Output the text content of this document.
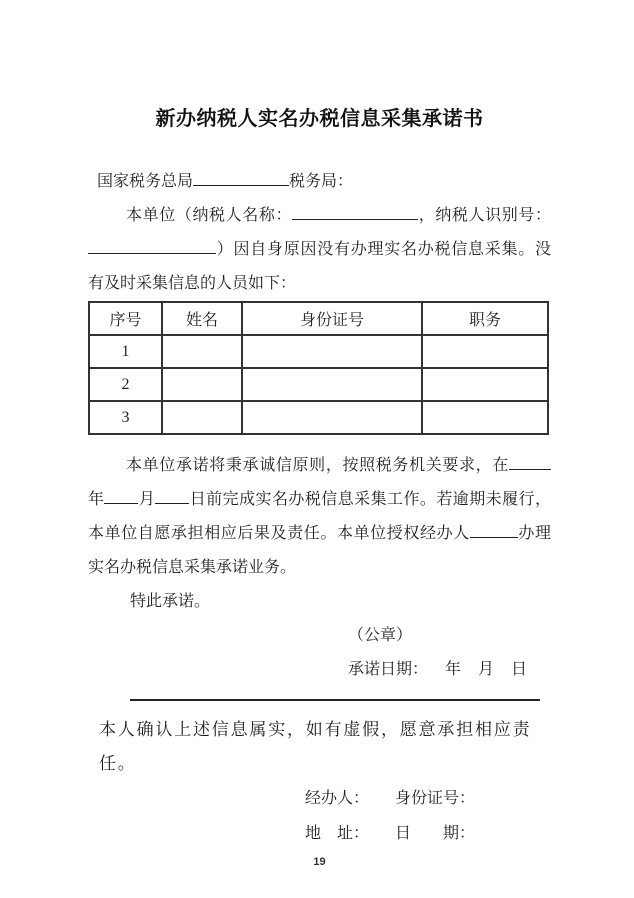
新办纳税人实名办税信息采集承诺书

国家税务总局	税务局：

本单位（纳税人名称：	，纳税人识别号：）因自身原因没有办理实名办税信息采集。没有及时采集信息的人员如下：

序号	姓名	身份证号	职务
1			
2			
3			

本单位承诺将秉承诚信原则，按照税务机关要求，在年 月 日前完成实名办税信息采集工作。若逾期未履行，本单位自愿承担相应后果及责任。本单位授权经办人	办理实名办税信息采集承诺业务。

特此承诺。

（公章）

承诺日期： 年 月 日

本人确认上述信息属实，如有虚假，愿意承担相应责任。

经办人：	身份证号：
地　址：	日　　期：
19
